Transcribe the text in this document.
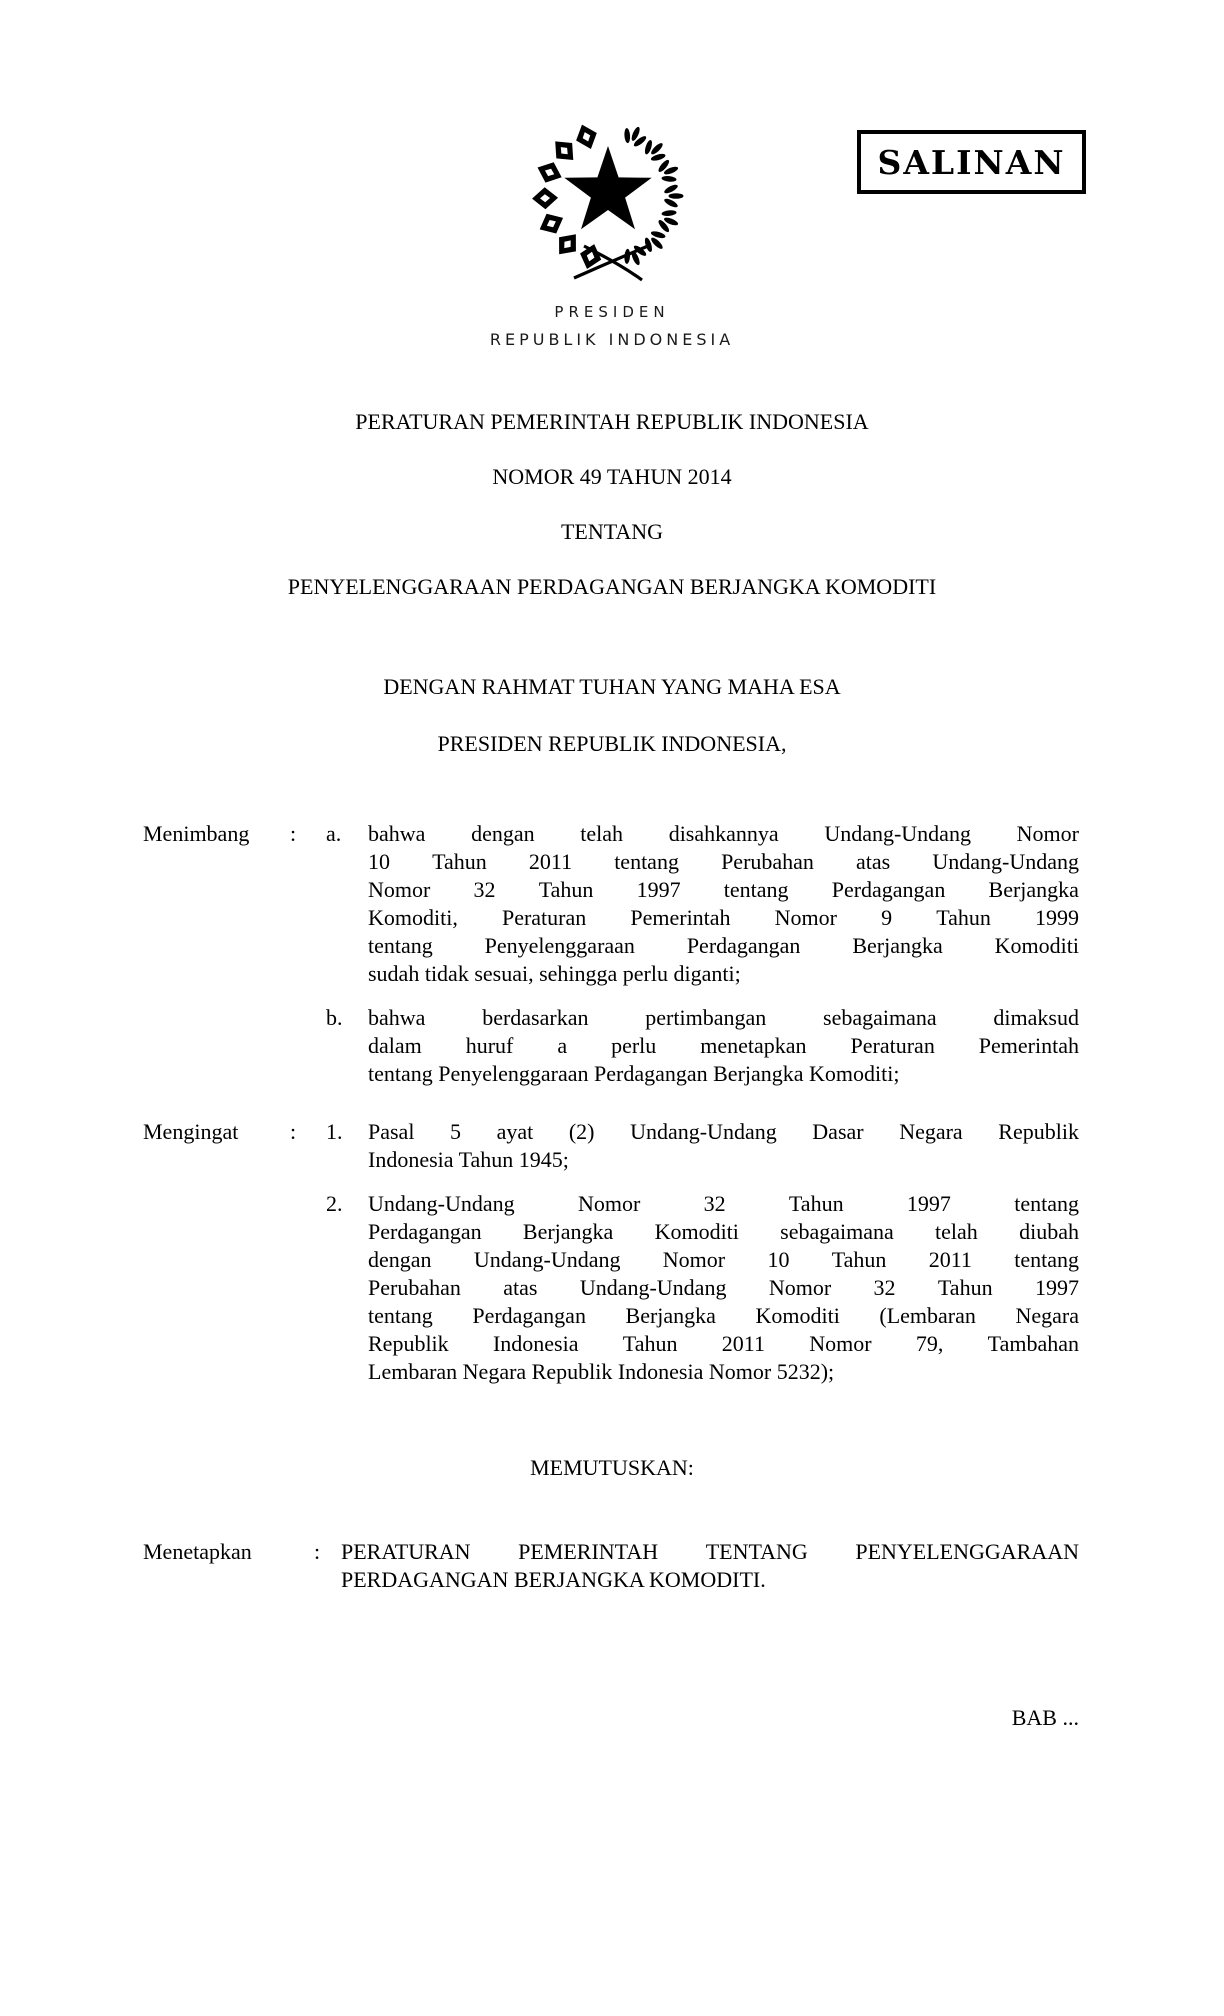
SALINAN
PRESIDEN
REPUBLIK INDONESIA
PERATURAN PEMERINTAH REPUBLIK INDONESIA
NOMOR 49 TAHUN 2014
TENTANG
PENYELENGGARAAN PERDAGANGAN BERJANGKA KOMODITI
DENGAN RAHMAT TUHAN YANG MAHA ESA
PRESIDEN REPUBLIK INDONESIA,
Menimbang	:	a.	bahwa dengan telah disahkannya Undang-Undang Nomor
10 Tahun 2011 tentang Perubahan atas Undang-Undang
Nomor 32 Tahun 1997 tentang Perdagangan Berjangka
Komoditi, Peraturan Pemerintah Nomor 9 Tahun 1999
tentang Penyelenggaraan Perdagangan Berjangka Komoditi
sudah tidak sesuai, sehingga perlu diganti;
b.	bahwa	berdasarkan	pertimbangan	sebagaimana	dimaksud
dalam huruf a perlu menetapkan Peraturan Pemerintah
tentang Penyelenggaraan Perdagangan Berjangka Komoditi;
Mengingat	:	1.	Pasal 5 ayat (2) Undang-Undang Dasar Negara Republik
Indonesia Tahun 1945;
2.	Undang-Undang	Nomor	32	Tahun	1997	tentang
Perdagangan Berjangka Komoditi sebagaimana telah diubah
dengan Undang-Undang Nomor 10 Tahun 2011 tentang
Perubahan atas Undang-Undang Nomor 32 Tahun 1997
tentang Perdagangan Berjangka Komoditi (Lembaran Negara
Republik Indonesia Tahun 2011 Nomor 79, Tambahan
Lembaran Negara Republik Indonesia Nomor 5232);
MEMUTUSKAN:
Menetapkan	: PERATURAN PEMERINTAH TENTANG PENYELENGGARAAN
PERDAGANGAN BERJANGKA KOMODITI.
BAB ...
